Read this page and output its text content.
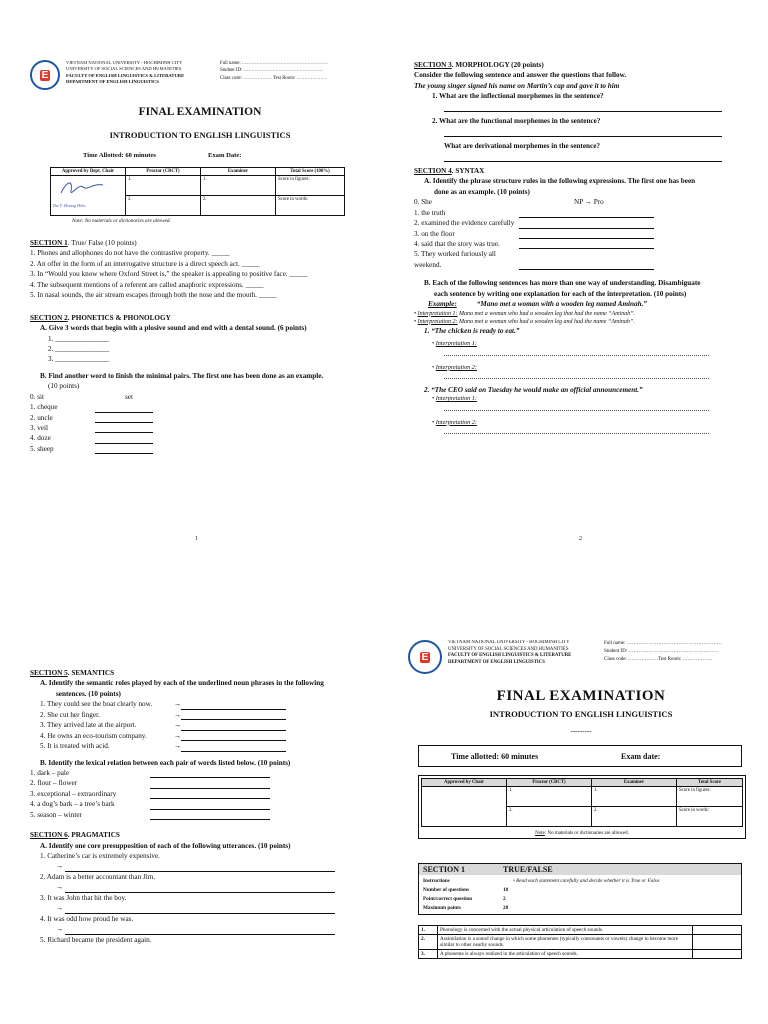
E
VIETNAM NATIONAL UNIVERSITY - HOCHIMINH CITY
UNIVERSITY OF SOCIAL SCIENCES AND HUMANITIES
FACULTY OF ENGLISH LINGUISTICS & LITERATURE
DEPARTMENT OF ENGLISH LINGUISTICS
Full name: ………………………………………………
Student ID: …………………………………………..
Class code: ……………… Test Room: ……………….
FINAL EXAMINATION
INTRODUCTION TO ENGLISH LINGUISTICS
Time Allotted: 60 minutes	Exam Date:
Approved by Dept. Chair	Proctor (CBCT)	Examiner	Total Score (100%)

Dư T. Hoàng Hiếu	1.	1.	Score in figures:
	2.	2.	Score in words:
Note: No materials or dictionaries are allowed.
SECTION 1. True/ False (10 points)
1. Phones and allophones do not have the contrastive property. _____
2. An offer in the form of an interrogative structure is a direct speech act. _____
3. In “Would you know where Oxford Street is,” the speaker is appealing to positive face. _____
4. The subsequent mentions of a referent are called anaphoric expressions. _____
5. In nasal sounds, the air stream escapes through both the nose and the mouth. _____
SECTION 2. PHONETICS & PHONOLOGY
A. Give 3 words that begin with a plosive sound and end with a dental sound. (6 points)
1. _______________
2. _______________
3. _______________
B. Find another word to finish the minimal pairs. The first one has been done as an example.
(10 points)
0. sit	set
1. cheque
2. uncle
3. veil
4. doze
5. sheep
1
SECTION 3. MORPHOLOGY (20 points)
Consider the following sentence and answer the questions that follow.
The young singer signed his name on Martin’s cap and gave it to him
1. What are the inflectional morphemes in the sentence?
2. What are the functional morphemes in the sentence?
What are derivational morphemes in the sentence?
SECTION 4. SYNTAX
A. Identify the phrase structure rules in the following expressions. The first one has been
done as an example. (10 points)
0. She	NP → Pro
1. the truth
2. examined the evidence carefully
3. on the floor
4. said that the story was true.
5. They worked furiously all weekend.
B. Each of the following sentences has more than one way of understanding. Disambiguate
each sentence by writing one explanation for each of the interpretation. (10 points)
Example:	“Mano met a woman with a wooden leg named Aminah.”
• Interpretation 1: Mano met a woman who had a wooden leg that had the name “Aminah”.
• Interpretation 2: Mano met a woman who had a wooden leg and had the name “Aminah”.
1. “The chicken is ready to eat.”
• Interpretation 1:
• Interpretation 2:
2. “The CEO said on Tuesday he would make an official announcement.”
• Interpretation 1:
• Interpretation 2:
2
SECTION 5. SEMANTICS
A. Identify the semantic roles played by each of the underlined noun phrases in the following
sentences. (10 points)
1. They could see the boat clearly now.	→
2. She cut her finger.	→
3. They arrived late at the airport.	→
4. He owns an eco-tourism company.	→
5. It is treated with acid.	→
B. Identify the lexical relation between each pair of words listed below. (10 points)
1. dark – pale
2. flour – flower
3. exceptional – extraordinary
4. a dog’s bark – a tree’s bark
5. season – winter
SECTION 6. PRAGMATICS
A. Identify one core presupposition of each of the following utterances. (10 points)
1. Catherine’s car is extremely expensive.
→
2. Adam is a better accountant than Jim.
→
3. It was John that hit the boy.
→
4. It was odd how proud he was.
→
5. Richard became the president again.
E
VIETNAM NATIONAL UNIVERSITY - HOCHIMINH CITY
UNIVERSITY OF SOCIAL SCIENCES AND HUMANITIES
FACULTY OF ENGLISH LINGUISTICS & LITERATURE
DEPARTMENT OF ENGLISH LINGUISTICS
Full name: …………………………………………………
Student ID: ………………………………………………
Class code: ………………Test Room: ………………
FINAL EXAMINATION
INTRODUCTION TO ENGLISH LINGUISTICS
---------
Time allotted: 60 minutes	Exam date:
Approved by Chair	Proctor (CBCT)	Examiner	Total Score
	1.	1.	Score in figures:
	2.	2.	Score in words:
Note: No materials or dictionaries are allowed.
SECTION 1	TRUE/FALSE
Instructions	• Read each statement carefully and decide whether it is True or False.
Number of questions	10
Point/correct question	2
Maximum points	20
1.	Phonology is concerned with the actual physical articulation of speech sounds.	
2.	Assimilation is a sound change in which some phonemes (typically consonants or vowels) change to become more similar to other nearby sounds.	
3.	A phoneme is always realized in the articulation of speech sounds.	
